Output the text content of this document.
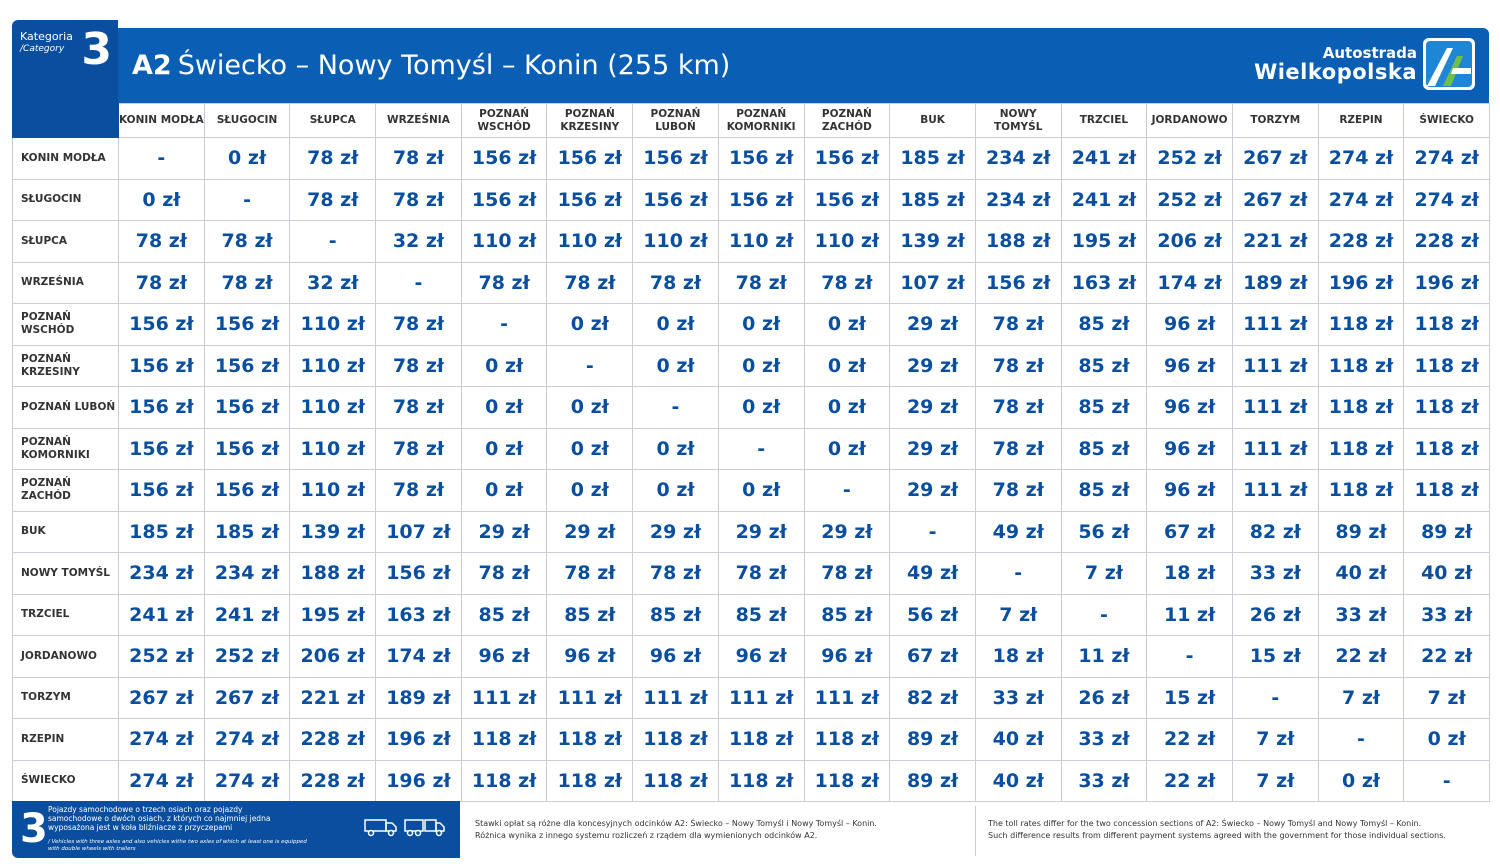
Kategoria
/Category 3 A2 Świecko – Nowy Tomyśl – Konin (255 km)	Autostrada
Wielkopolska
	KONIN MODŁA	SŁUGOCIN	SŁUPCA	WRZEŚNIA	POZNAŃ WSCHÓD	POZNAŃ KRZESINY	POZNAŃ LUBOŃ	POZNAŃ KOMORNIKI	POZNAŃ ZACHÓD	BUK	NOWY TOMYŚL	TRZCIEL	JORDANOWO	TORZYM	RZEPIN	ŚWIECKO
KONIN MODŁA	-	0 zł	78 zł	78 zł	156 zł	156 zł	156 zł	156 zł	156 zł	185 zł	234 zł	241 zł	252 zł	267 zł	274 zł	274 zł
SŁUGOCIN	0 zł	-	78 zł	78 zł	156 zł	156 zł	156 zł	156 zł	156 zł	185 zł	234 zł	241 zł	252 zł	267 zł	274 zł	274 zł
SŁUPCA	78 zł	78 zł	-	32 zł	110 zł	110 zł	110 zł	110 zł	110 zł	139 zł	188 zł	195 zł	206 zł	221 zł	228 zł	228 zł
WRZEŚNIA	78 zł	78 zł	32 zł	-	78 zł	78 zł	78 zł	78 zł	78 zł	107 zł	156 zł	163 zł	174 zł	189 zł	196 zł	196 zł
POZNAŃ WSCHÓD	156 zł	156 zł	110 zł	78 zł	-	0 zł	0 zł	0 zł	0 zł	29 zł	78 zł	85 zł	96 zł	111 zł	118 zł	118 zł
POZNAŃ KRZESINY	156 zł	156 zł	110 zł	78 zł	0 zł	-	0 zł	0 zł	0 zł	29 zł	78 zł	85 zł	96 zł	111 zł	118 zł	118 zł
POZNAŃ LUBOŃ	156 zł	156 zł	110 zł	78 zł	0 zł	0 zł	-	0 zł	0 zł	29 zł	78 zł	85 zł	96 zł	111 zł	118 zł	118 zł
POZNAŃ KOMORNIKI	156 zł	156 zł	110 zł	78 zł	0 zł	0 zł	0 zł	-	0 zł	29 zł	78 zł	85 zł	96 zł	111 zł	118 zł	118 zł
POZNAŃ ZACHÓD	156 zł	156 zł	110 zł	78 zł	0 zł	0 zł	0 zł	0 zł	-	29 zł	78 zł	85 zł	96 zł	111 zł	118 zł	118 zł
BUK	185 zł	185 zł	139 zł	107 zł	29 zł	29 zł	29 zł	29 zł	29 zł	-	49 zł	56 zł	67 zł	82 zł	89 zł	89 zł
NOWY TOMYŚL	234 zł	234 zł	188 zł	156 zł	78 zł	78 zł	78 zł	78 zł	78 zł	49 zł	-	7 zł	18 zł	33 zł	40 zł	40 zł
TRZCIEL	241 zł	241 zł	195 zł	163 zł	85 zł	85 zł	85 zł	85 zł	85 zł	56 zł	7 zł	-	11 zł	26 zł	33 zł	33 zł
JORDANOWO	252 zł	252 zł	206 zł	174 zł	96 zł	96 zł	96 zł	96 zł	96 zł	67 zł	18 zł	11 zł	-	15 zł	22 zł	22 zł
TORZYM	267 zł	267 zł	221 zł	189 zł	111 zł	111 zł	111 zł	111 zł	111 zł	82 zł	33 zł	26 zł	15 zł	-	7 zł	7 zł
RZEPIN	274 zł	274 zł	228 zł	196 zł	118 zł	118 zł	118 zł	118 zł	118 zł	89 zł	40 zł	33 zł	22 zł	7 zł	-	0 zł
ŚWIECKO	274 zł	274 zł	228 zł	196 zł	118 zł	118 zł	118 zł	118 zł	118 zł	89 zł	40 zł	33 zł	22 zł	7 zł	0 zł	-
3 Pojazdy samochodowe o trzech osiach oraz pojazdy samochodowe o dwóch osiach, z których co najmniej jedna wyposażona jest w koła bliźniacze z przyczepami
/ Vehicles with three axles and also vehicles withe two axles of which at least one is equipped with double wheels with trailers
Stawki opłat są różne dla koncesyjnych odcinków A2: Świecko – Nowy Tomyśl i Nowy Tomyśl – Konin.
Różnica wynika z innego systemu rozliczeń z rządem dla wymienionych odcinków A2.
The toll rates differ for the two concession sections of A2: Świecko – Nowy Tomyśl and Nowy Tomyśl – Konin.
Such difference results from different payment systems agreed with the government for those individual sections.
